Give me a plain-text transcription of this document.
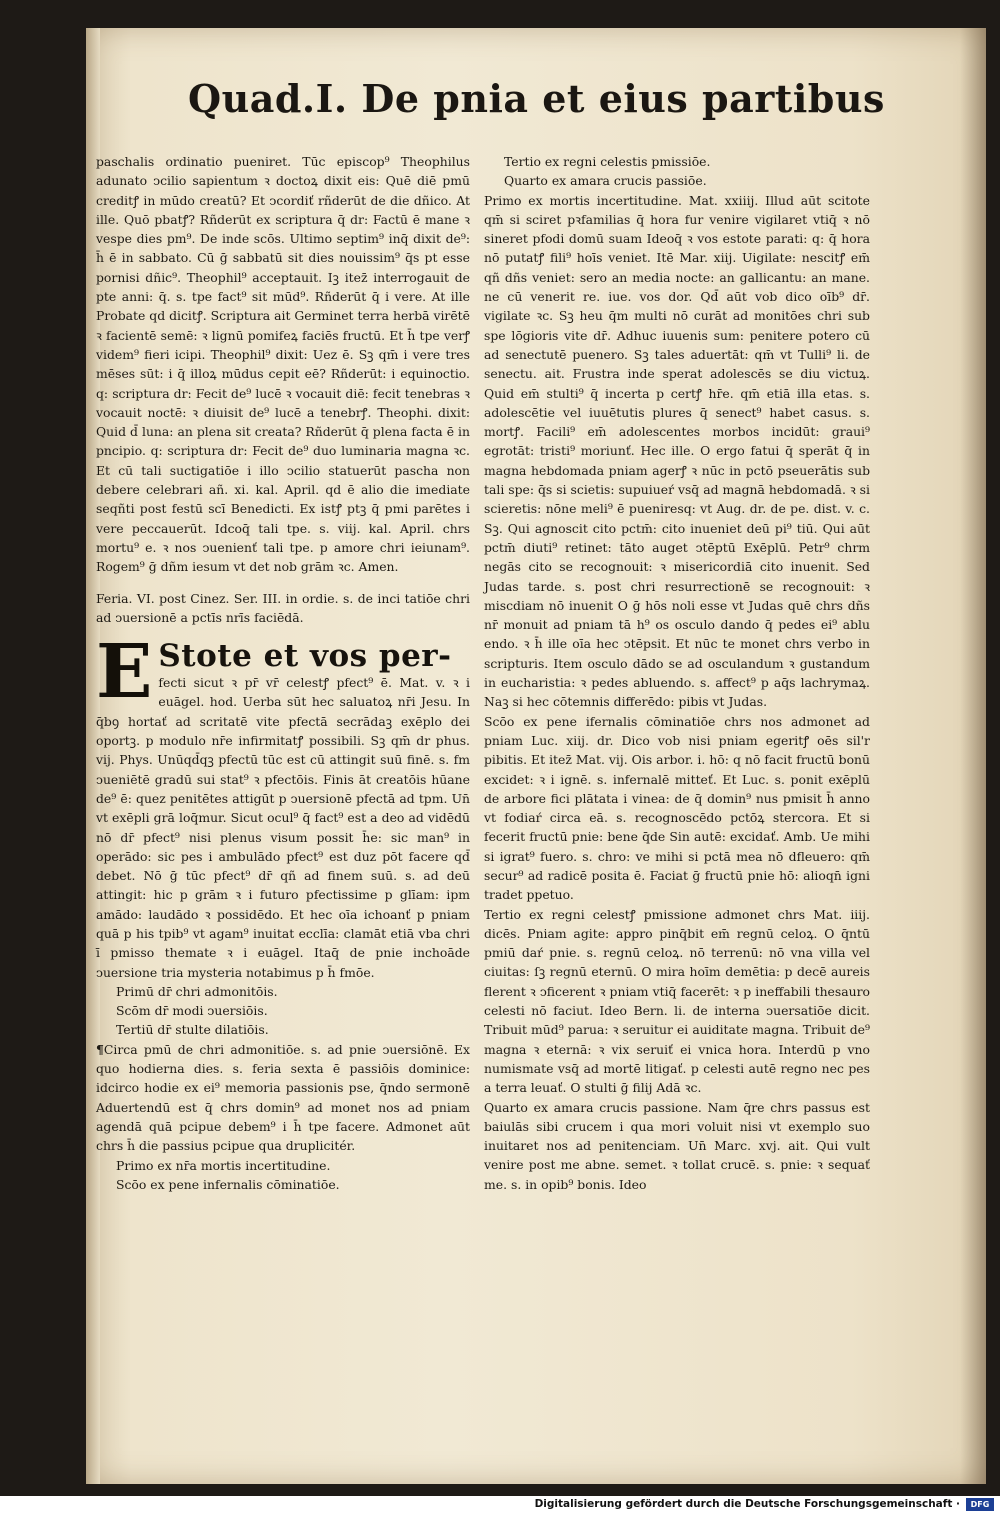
Quad.I. De pnia et eius partibus

paschalis ordinatio pueniret. Tūc episcop⁹ Theophilus adunato ↄcilio sapientum ꝛ doctoꝝ dixit eis: Quē diē pmū creditꝭ in mūdo creatū? Et ↄcordiť rñderūt de die dñico. At ille. Quō pbatꝭ? Rñderūt ex scriptura q̄ dr: Factū ē mane ꝛ vespe dies pm⁹. De inde scōs. Ultimo septim⁹ inq̄ dixit de⁹: h̄ ē in sabbato. Cū ḡ sabbatū sit dies nouissim⁹ q̄s pt esse pornisi dñic⁹. Theophil⁹ acceptauit. Iꝫ itez̄ interrogauit de pte anni: q̄. s. tpe fact⁹ sit mūd⁹. Rñderūt q̄ i vere. At ille Probate qd dicitꝭ. Scriptura ait Germinet terra herbā virētē ꝛ facientē semē: ꝛ lignū pomifeꝝ faciēs fructū. Et h̄ tpe verꝭ videm⁹ fieri icipi. Theophil⁹ dixit: Uez ē. Sꝫ qm̄ i vere tres mēses sūt: i q̄ illoꝝ mūdus cepit eē? Rñderūt: i equinoctio. q: scriptura dr: Fecit de⁹ lucē ꝛ vocauit diē: fecit tenebras ꝛ vocauit noctē: ꝛ diuisit de⁹ lucē a tenebrꝭ. Theophi. dixit: Quid d̄ luna: an plena sit creata? Rñderūt q̄ plena facta ē in pncipio. q: scriptura dr: Fecit de⁹ duo luminaria magna ꝛc. Et cū tali suctigatiōe i illo ↄcilio statuerūt pascha non debere celebrari añ. xi. kal. April. qd ē alio die imediate seqñti post festū scī Benedicti. Ex istꝭ ptꝫ q̄ pmi parētes i vere peccauerūt. Idcoq̄ tali tpe. s. viij. kal. April. chrs mortu⁹ e. ꝛ nos ↄuenienť tali tpe. p amore chri ieiunam⁹. Rogem⁹ ḡ dñm iesum vt det nob grām ꝛc. Amen.

Feria. VI. post Cinez. Ser. III. in ordie. s. de inci tatiōe chri ad ↄuersionē a pctīs nrīs faciēdā.

E Stote et vos per-

fecti sicut ꝛ pr̄ vr̄ celestꝭ pfect⁹ ē. Mat. v. ꝛ i euāgel. hod. Uerba sūt hec saluatoꝝ nr̄i Jesu. In q̄bꝯ hortať ad scritatē vite pfectā secrādaꝫ exēplo dei oportꝫ. p modulo nr̄e infirmitatꝭ possibili. Sꝫ qm̄ dr phus. vij. Phys. Unūqd̄qꝫ pfectū tūc est cū attingit suū finē. s. fm ↄueniētē gradū sui stat⁹ ꝛ pfectōis. Finis āt creatōis hūane de⁹ ē: quez penitētes attigūt p ↄuersionē pfectā ad tpm. Un̄ vt exēpli grā loq̄mur. Sicut ocul⁹ q̄ fact⁹ est a deo ad vidēdū nō dr̄ pfect⁹ nisi plenus visum possit h̄e: sic man⁹ in operādo: sic pes i ambulādo pfect⁹ est duz pōt facere qd̄ debet. Nō ḡ tūc pfect⁹ dr̄ qñ ad finem suū. s. ad deū attingit: hic p grām ꝛ i futuro pfectissime p glīam: ipm amādo: laudādo ꝛ possidēdo. Et hec oīa ichoanť p pniam quā p his tpib⁹ vt agam⁹ inuitat ecclīa: clamāt etiā vba chri ī pmisso themate ꝛ i euāgel. Itaq̄ de pnie inchoāde ↄuersione tria mysteria notabimus p h̄ fmōe.

Primū dr̄ chri admonitōis.

Scōm dr̄ modi ↄuersiōis.

Tertiū dr̄ stulte dilatiōis.

¶Circa pmū de chri admonitiōe. s. ad pnie ↄuersiōnē. Ex quo hodierna dies. s. feria sexta ē passiōis dominice: idcirco hodie ex ei⁹ memoria passionis pse, q̄ndo sermonē Aduertendū est q̄ chrs domin⁹ ad monet nos ad pniam agendā quā pcipue debem⁹ i h̄ tpe facere. Admonet aūt chrs h̄ die passius pcipue qua druplicitér.

Primo ex nr̄a mortis incertitudine.

Scōo ex pene infernalis cōminatiōe.

Tertio ex regni celestis pmissiōe.

Quarto ex amara crucis passiōe.

Primo ex mortis incertitudine. Mat. xxiiij. Illud aūt scitote qm̄ si sciret pꝛfamilias q̄ hora fur venire vigilaret vtiq̄ ꝛ nō sineret pfodi domū suam Ideoq̄ ꝛ vos estote parati: q: q̄ hora nō putatꝭ fili⁹ hoīs veniet. Itē Mar. xiij. Uigilate: nescitꝭ em̄ qñ dñs veniet: sero an media nocte: an gallicantu: an mane. ne cū venerit re. iue. vos dor. Qd̄ aūt vob dico oīb⁹ dr̄. vigilate ꝛc. Sꝫ heu q̄m multi nō curāt ad monitōes chri sub spe lōgioris vite dr̄. Adhuc iuuenis sum: penitere potero cū ad senectutē puenero. Sꝫ tales aduertāt: qm̄ vt Tulli⁹ li. de senectu. ait. Frustra inde sperat adolescēs se diu victuꝝ. Quid em̄ stulti⁹ q̄ incerta p certꝭ hr̄e. qm̄ etiā illa etas. s. adolescētie vel iuuētutis plures q̄ senect⁹ habet casus. s. mortꝭ. Facili⁹ em̄ adolescentes morbos incidūt: graui⁹ egrotāt: tristi⁹ moriunť. Hec ille. O ergo fatui q̄ sperāt q̄ in magna hebdomada pniam agerꝭ ꝛ nūc in pctō pseuerātis sub tali spe: q̄s si scietis: supuiueŕ vsq̄ ad magnā hebdomadā. ꝛ si scieretis: nōne meli⁹ ē pueniresq: vt Aug. dr. de pe. dist. v. c. Sꝫ. Qui agnoscit cito pctm̄: cito inueniet deū pi⁹ tiū. Qui aūt pctm̄ diuti⁹ retinet: tāto auget ↄtēptū Exēplū. Petr⁹ chrm negās cito se recognouit: ꝛ misericordiā cito inuenit. Sed Judas tarde. s. post chri resurrectionē se recognouit: ꝛ miscdiam nō inuenit O ḡ hōs noli esse vt Judas quē chrs dñs nr̄ monuit ad pniam tā h⁹ os osculo dando q̄ pedes ei⁹ ablu endo. ꝛ h̄ ille oīa hec ↄtēpsit. Et nūc te monet chrs verbo in scripturis. Item osculo dādo se ad osculandum ꝛ gustandum in eucharistia: ꝛ pedes abluendo. s. affect⁹ p aq̄s lachrymaꝝ. Naꝫ si hec cōtemnis differēdo: pibis vt Judas.

Scōo ex pene ifernalis cōminatiōe chrs nos admonet ad pniam Luc. xiij. dr. Dico vob nisi pniam egeritꝭ oēs sil'r pibitis. Et itez̄ Mat. vij. Ois arbor. i. hō: q nō facit fructū bonū excidet: ꝛ i ignē. s. infernalē mitteť. Et Luc. s. ponit exēplū de arbore fici plātata i vinea: de q̄ domin⁹ nus pmisit h̄ anno vt fodiaŕ circa eā. s. recognoscēdo pctōꝝ stercora. Et si fecerit fructū pnie: bene q̄de Sin autē: excidať. Amb. Ue mihi si igrat⁹ fuero. s. chro: ve mihi si pctā mea nō dfleuero: qm̄ secur⁹ ad radicē posita ē. Faciat ḡ fructū pnie hō: alioqn̄ igni tradet ppetuo.

Tertio ex regni celestꝭ pmissione admonet chrs Mat. iiij. dicēs. Pniam agite: appro pinq̄bit em̄ regnū celoꝝ. O q̄ntū pmiū daŕ pnie. s. regnū celoꝝ. nō terrenū: nō vna villa vel ciuitas: ſꝫ regnū eternū. O mira hoīm demētia: p decē aureis flerent ꝛ ↄficerent ꝛ pniam vtiq̄ facerēt: ꝛ p ineffabili thesauro celesti nō faciut. Ideo Bern. li. de interna ↄuersatiōe dicit. Tribuit mūd⁹ parua: ꝛ seruitur ei auiditate magna. Tribuit de⁹ magna ꝛ eternā: ꝛ vix seruiť ei vnica hora. Interdū p vno numismate vsq̄ ad mortē litigať. p celesti autē regno nec pes a terra leuať. O stulti ḡ filij Adā ꝛc.

Quarto ex amara crucis passione. Nam q̄re chrs passus est baiulās sibi crucem i qua mori voluit nisi vt exemplo suo inuitaret nos ad penitenciam. Un̄ Marc. xvj. ait. Qui vult venire post me abne. semet. ꝛ tollat crucē. s. pnie: ꝛ sequať me. s. in opib⁹ bonis. Ideo

Digitalisierung gefördert durch die Deutsche Forschungsgemeinschaft ·	DFG
